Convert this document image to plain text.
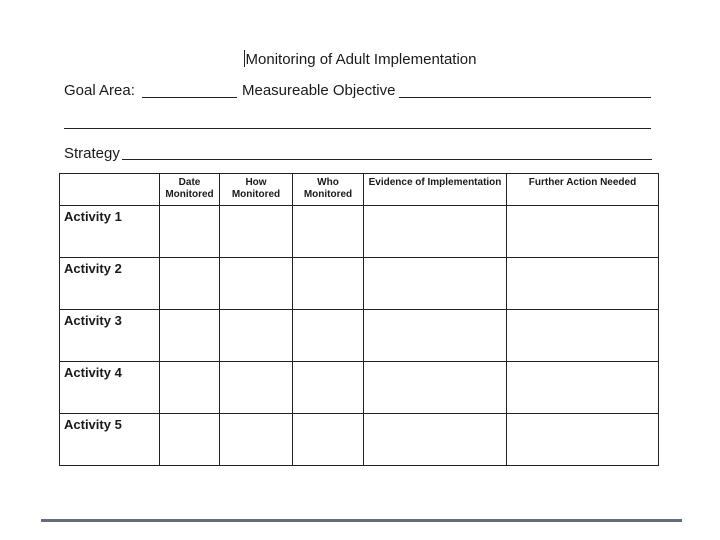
Monitoring of Adult Implementation
Goal Area:	Measureable Objective
Strategy
	Date Monitored	How Monitored	Who Monitored	Evidence of Implementation	Further Action Needed

Activity 1					

Activity 2					

Activity 3					

Activity 4					

Activity 5					
